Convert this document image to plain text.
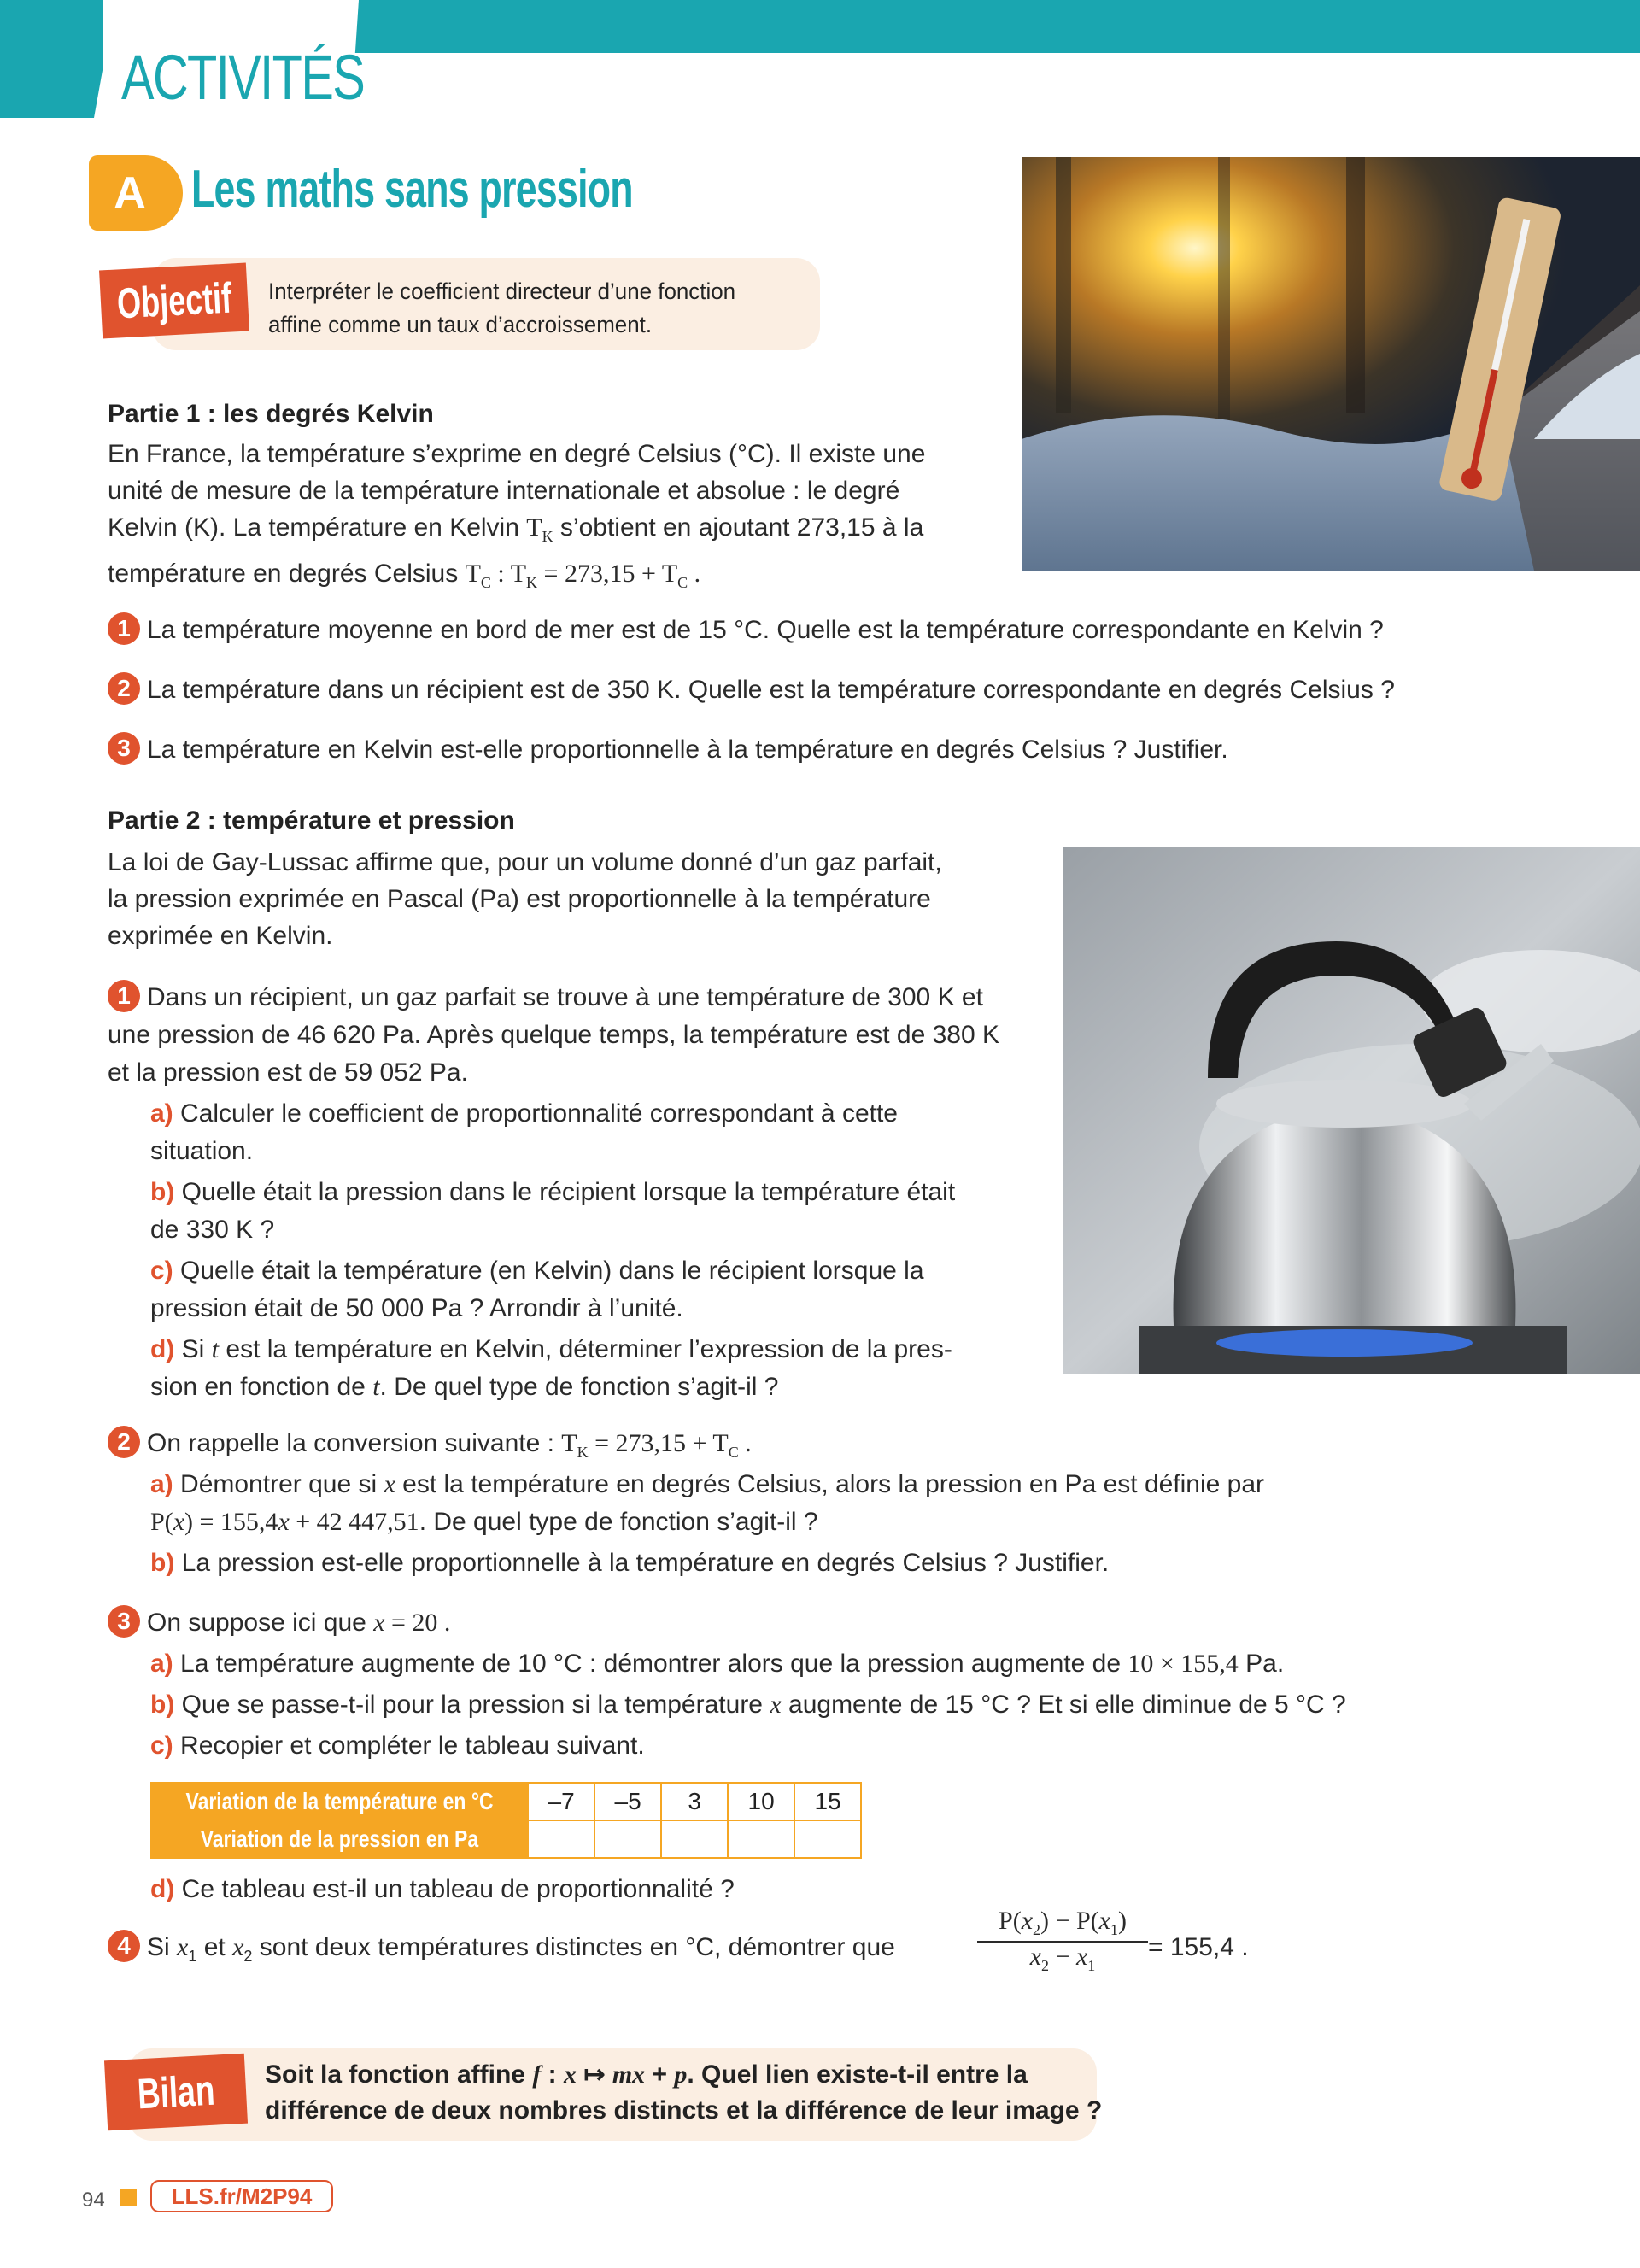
ACTIVITÉS
A Les maths sans pression
Objectif Interpréter le coefficient directeur d’une fonction
affine comme un taux d’accroissement.
Partie 1 : les degrés Kelvin
En France, la température s’exprime en degré Celsius (°C). Il existe une
unité de mesure de la température internationale et absolue : le degré
Kelvin (K). La température en Kelvin $T_K$ s’obtient en ajoutant 273,15 à la
température en degrés Celsius $T_C$ : $T_K = 273,15 + T_C$ .
1 La température moyenne en bord de mer est de 15 °C. Quelle est la température correspondante en Kelvin ?
2 La température dans un récipient est de 350 K. Quelle est la température correspondante en degrés Celsius ?
3 La température en Kelvin est-elle proportionnelle à la température en degrés Celsius ? Justifier.
Partie 2 : température et pression
La loi de Gay-Lussac affirme que, pour un volume donné d’un gaz parfait,
la pression exprimée en Pascal (Pa) est proportionnelle à la température
exprimée en Kelvin.
1 Dans un récipient, un gaz parfait se trouve à une température de 300 K et
une pression de 46 620 Pa. Après quelque temps, la température est de 380 K
et la pression est de 59 052 Pa.
a) Calculer le coefficient de proportionnalité correspondant à cette
situation.
b) Quelle était la pression dans le récipient lorsque la température était
de 330 K ?
c) Quelle était la température (en Kelvin) dans le récipient lorsque la
pression était de 50 000 Pa ? Arrondir à l’unité.
d) Si t est la température en Kelvin, déterminer l’expression de la pres-
sion en fonction de t. De quel type de fonction s’agit-il ?
2 On rappelle la conversion suivante : $T_K = 273,15 + T_C$ .
a) Démontrer que si x est la température en degrés Celsius, alors la pression en Pa est définie par
P(x) = 155,4x + 42 447,51. De quel type de fonction s’agit-il ?
b) La pression est-elle proportionnelle à la température en degrés Celsius ? Justifier.
3 On suppose ici que x = 20 .
a) La température augmente de 10 °C : démontrer alors que la pression augmente de 10 × 155,4 Pa.
b) Que se passe-t-il pour la pression si la température x augmente de 15 °C ? Et si elle diminue de 5 °C ?
c) Recopier et compléter le tableau suivant.
Variation de la température en °C	–7	–5	3	10	15
Variation de la pression en Pa					
d) Ce tableau est-il un tableau de proportionnalité ?
4 Si $x_1$ et $x_2$ sont deux températures distinctes en °C, démontrer que
$P(x_2) - P(x_1)$
$x_2 - x_1$
= 155,4 .
Bilan Soit la fonction affine f : x ↦ mx + p. Quel lien existe-t-il entre la
différence de deux nombres distincts et la différence de leur image ?
94	LLS.fr/M2P94
